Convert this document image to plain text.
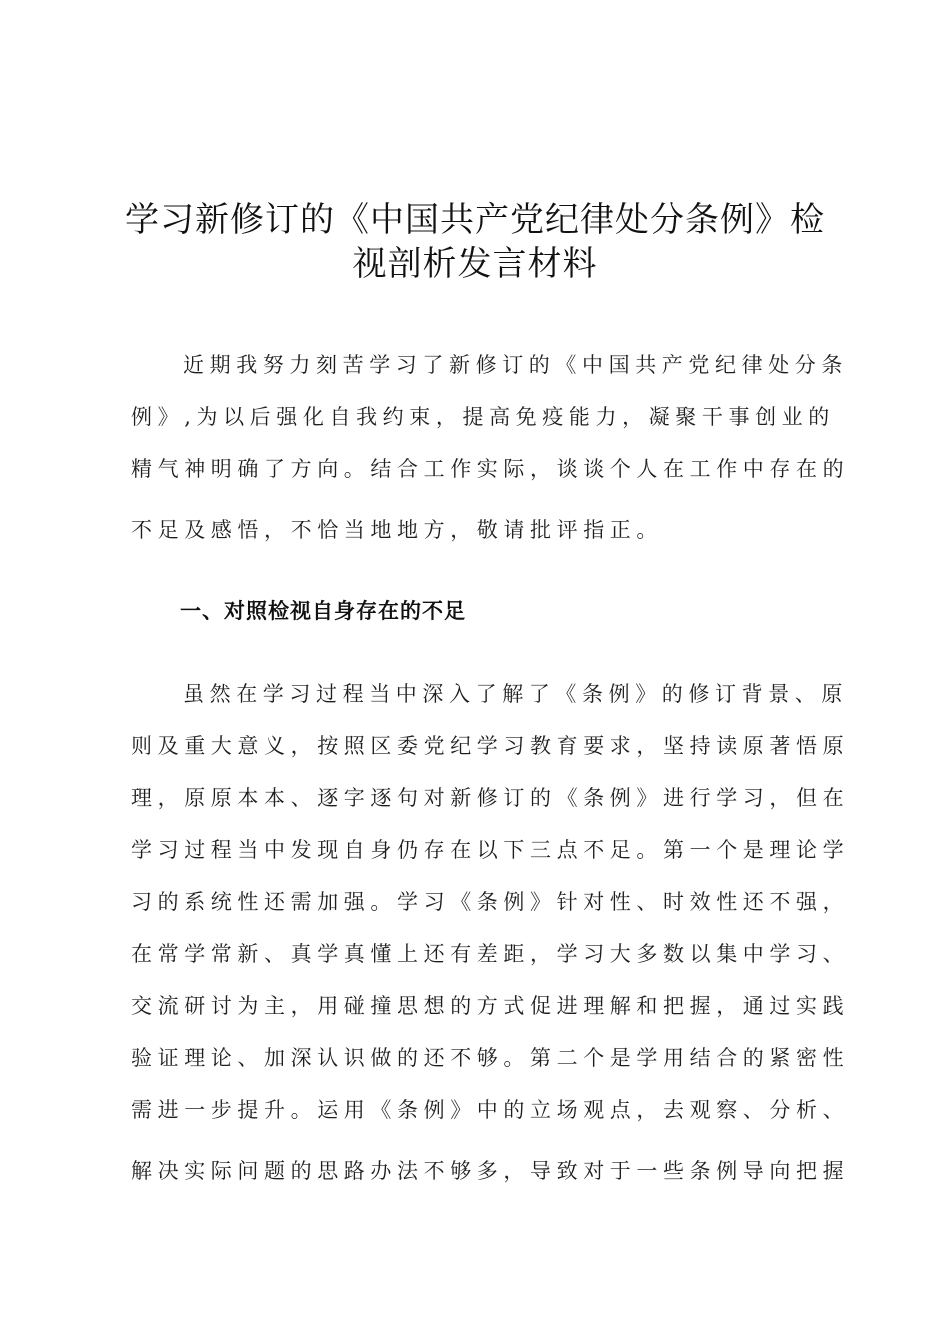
学习新修订的《中国共产党纪律处分条例》检
视剖析发言材料
近期我努力刻苦学习了新修订的《中国共产党纪律处分条
例》,为以后强化自我约束，提高免疫能力，凝聚干事创业的
精气神明确了方向。结合工作实际，谈谈个人在工作中存在的
不足及感悟，不恰当地地方，敬请批评指正。
一、对照检视自身存在的不足
虽然在学习过程当中深入了解了《条例》的修订背景、原
则及重大意义，按照区委党纪学习教育要求，坚持读原著悟原
理，原原本本、逐字逐句对新修订的《条例》进行学习，但在
学习过程当中发现自身仍存在以下三点不足。第一个是理论学
习的系统性还需加强。学习《条例》针对性、时效性还不强，
在常学常新、真学真懂上还有差距，学习大多数以集中学习、
交流研讨为主，用碰撞思想的方式促进理解和把握，通过实践
验证理论、加深认识做的还不够。第二个是学用结合的紧密性
需进一步提升。运用《条例》中的立场观点，去观察、分析、
解决实际问题的思路办法不够多，导致对于一些条例导向把握
